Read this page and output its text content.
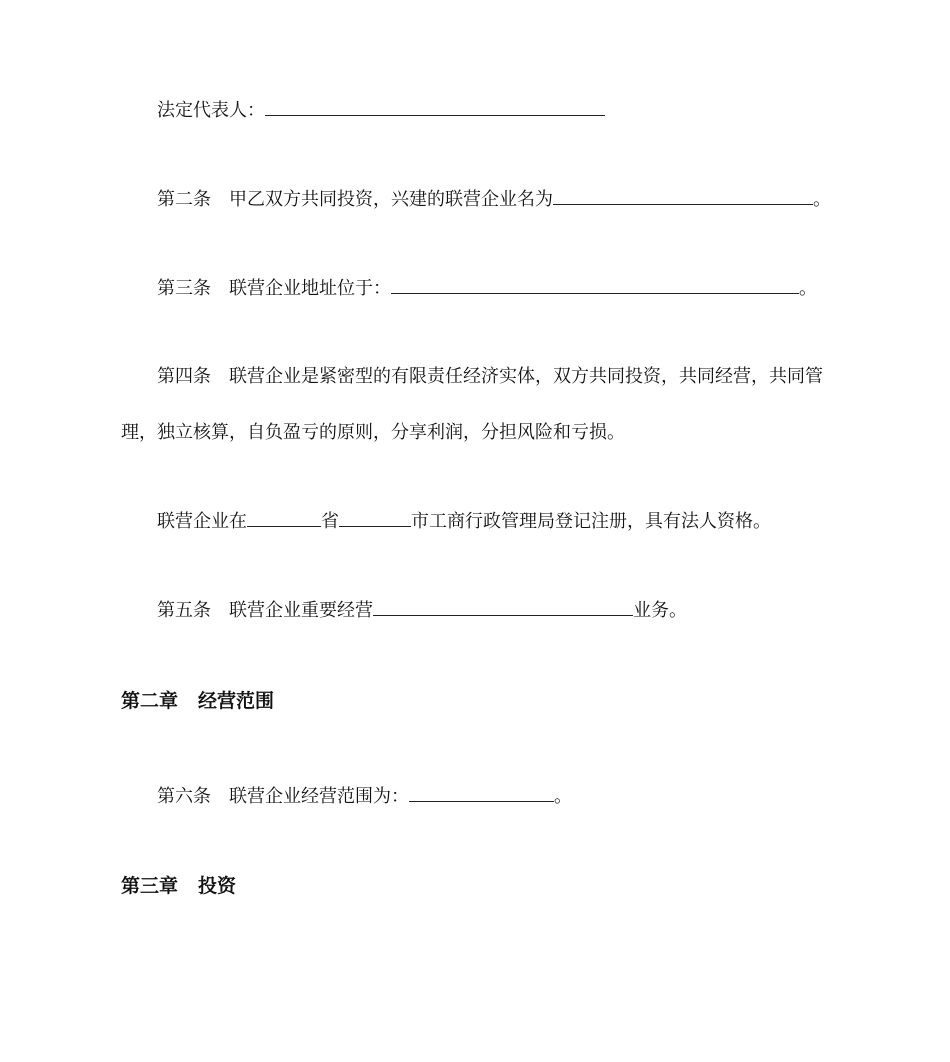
法定代表人：
第二条 甲乙双方共同投资，兴建的联营企业名为	。
第三条 联营企业地址位于：	。
第四条 联营企业是紧密型的有限责任经济实体，双方共同投资，共同经营，共同管
理，独立核算，自负盈亏的原则，分享利润，分担风险和亏损。
联营企业在	省	市工商行政管理局登记注册，具有法人资格。
第五条 联营企业重要经营	业务。
第二章 经营范围
第六条 联营企业经营范围为：	。
第三章 投资
